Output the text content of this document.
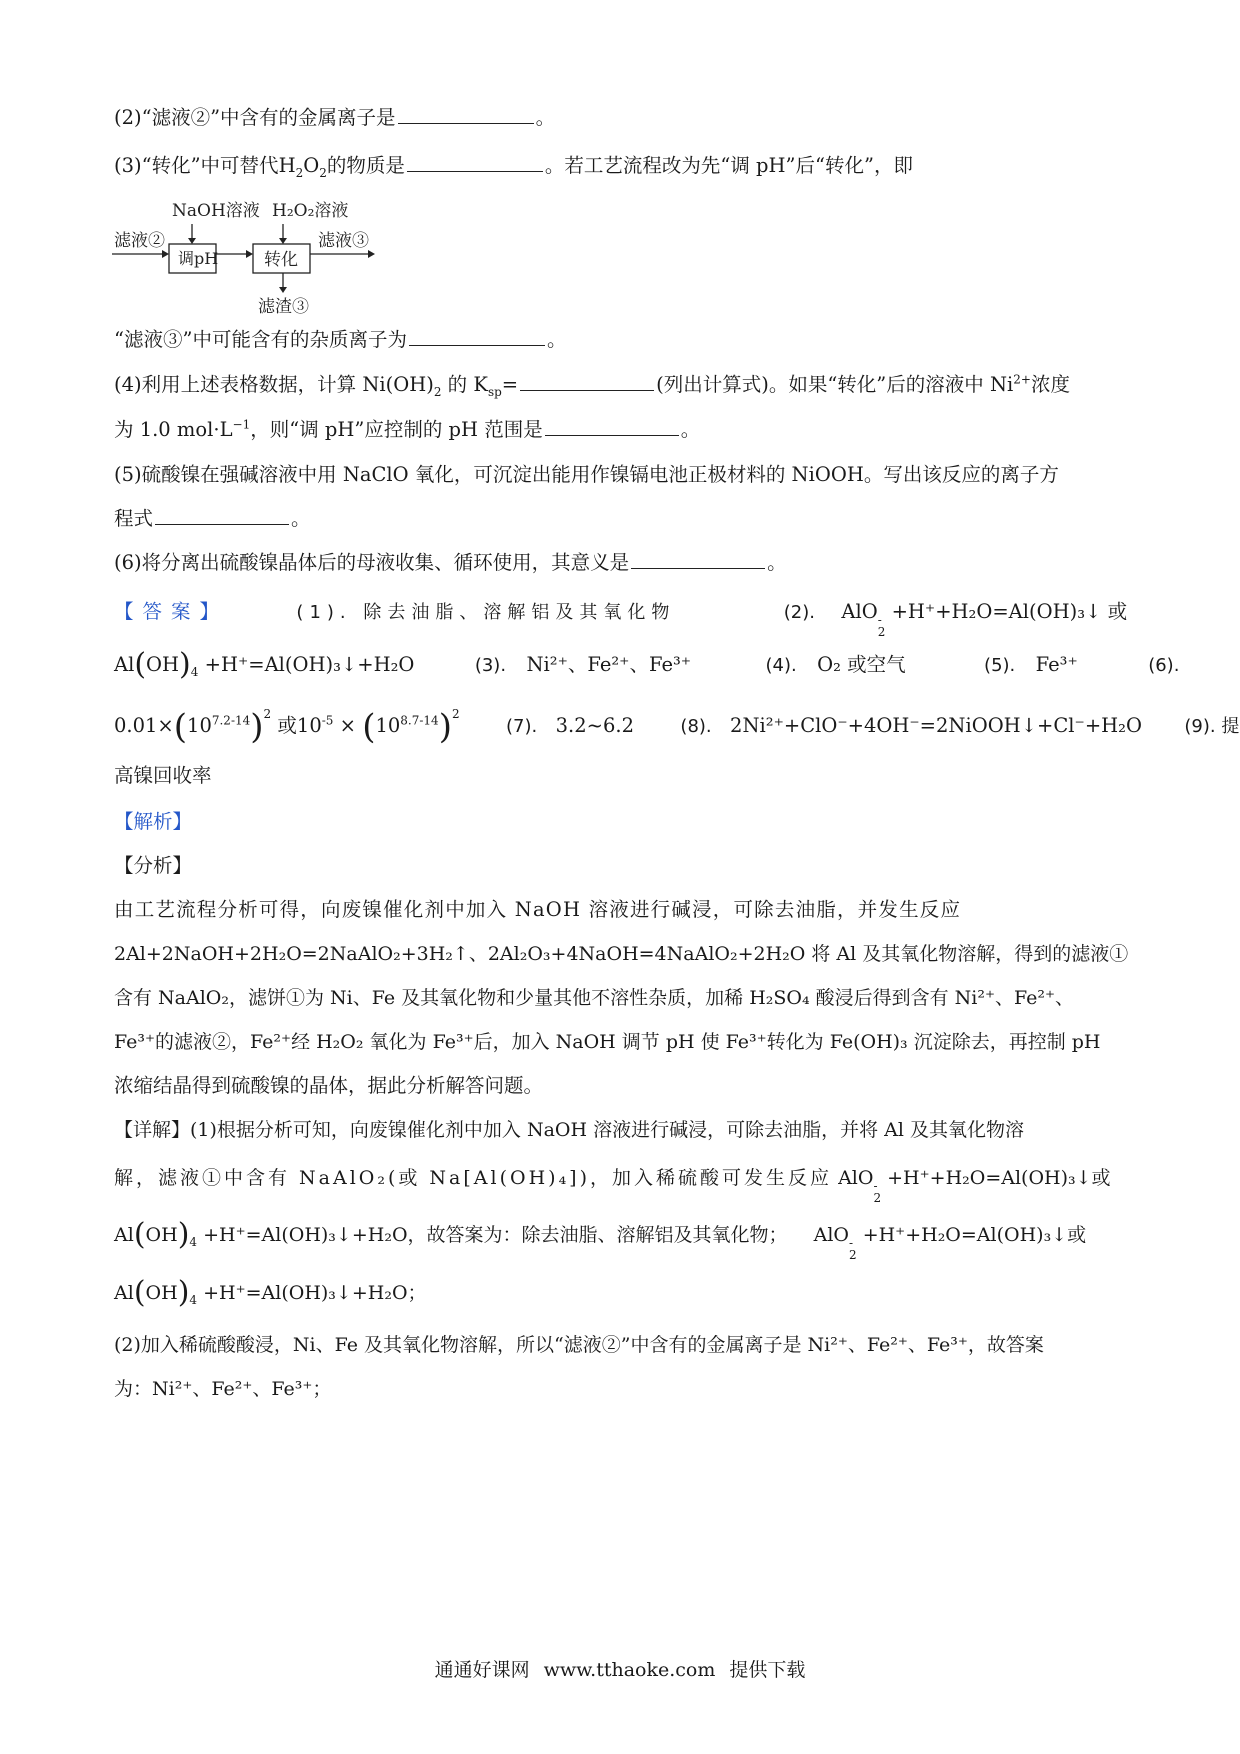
(2)“滤液②”中含有的金属离子是	。
(3)“转化”中可替代$H_2O_2$的物质是	。若工艺流程改为先“调 pH”后“转化”，即
NaOH溶液 H₂O₂溶液
滤液②
调pH	转化
滤液③
滤渣③
“滤液③”中可能含有的杂质离子为	。
(4)利用上述表格数据，计算 $Ni(OH)_2$ 的 $K_{sp}=$	(列出计算式)。如果“转化”后的溶液中 $Ni^{2+}$浓度
为 1.0 $mol\cdot L^{-1}$，则“调 pH”应控制的 pH 范围是	。
(5)硫酸镍在强碱溶液中用 NaClO 氧化，可沉淀出能用作镍镉电池正极材料的 NiOOH。写出该反应的离子方
程式	。
(6)将分离出硫酸镍晶体后的母液收集、循环使用，其意义是	。
【答案】	(1). 除去油脂、溶解铝及其氧化物	(2). AlO -
2
+H⁺+H₂O=Al(OH)₃↓ 或
$Al(OH)_4$ +H⁺=Al(OH)₃↓+H₂O	(3). Ni²⁺、Fe²⁺、Fe³⁺	(4). O₂ 或空气	(5). Fe³⁺	(6).
$0.01\times(10^{7.2-14})^2$ 或$10^{-5} \times (10^{8.7-14})^2$  (7). 3.2~6.2	(8). 2Ni²⁺+ClO⁻+4OH⁻=2NiOOH↓+Cl⁻+H₂O (9). 提
高镍回收率
【解析】
【分析】
由工艺流程分析可得，向废镍催化剂中加入 NaOH 溶液进行碱浸，可除去油脂，并发生反应
2Al+2NaOH+2H₂O=2NaAlO₂+3H₂↑、2Al₂O₃+4NaOH=4NaAlO₂+2H₂O 将 Al 及其氧化物溶解，得到的滤液①
含有 NaAlO₂，滤饼①为 Ni、Fe 及其氧化物和少量其他不溶性杂质，加稀 H₂SO₄ 酸浸后得到含有 Ni²⁺、Fe²⁺、
Fe³⁺的滤液②，Fe²⁺经 H₂O₂ 氧化为 Fe³⁺后，加入 NaOH 调节 pH 使 Fe³⁺转化为 Fe(OH)₃ 沉淀除去，再控制 pH
浓缩结晶得到硫酸镍的晶体，据此分析解答问题。
【详解】(1)根据分析可知，向废镍催化剂中加入 NaOH 溶液进行碱浸，可除去油脂，并将 Al 及其氧化物溶
解，滤液①中含有 NaAlO₂(或 Na[Al(OH)₄])，加入稀硫酸可发生反应 AlO -
2
+H⁺+H₂O=Al(OH)₃↓或
$Al(OH)_4$ +H⁺=Al(OH)₃↓+H₂O，故答案为：除去油脂、溶解铝及其氧化物； AlO -
2
+H⁺+H₂O=Al(OH)₃↓或
$Al(OH)_4$ +H⁺=Al(OH)₃↓+H₂O；
(2)加入稀硫酸酸浸，Ni、Fe 及其氧化物溶解，所以“滤液②”中含有的金属离子是 Ni²⁺、Fe²⁺、Fe³⁺，故答案
为：Ni²⁺、Fe²⁺、Fe³⁺；
通通好课网 www.tthaoke.com 提供下载
